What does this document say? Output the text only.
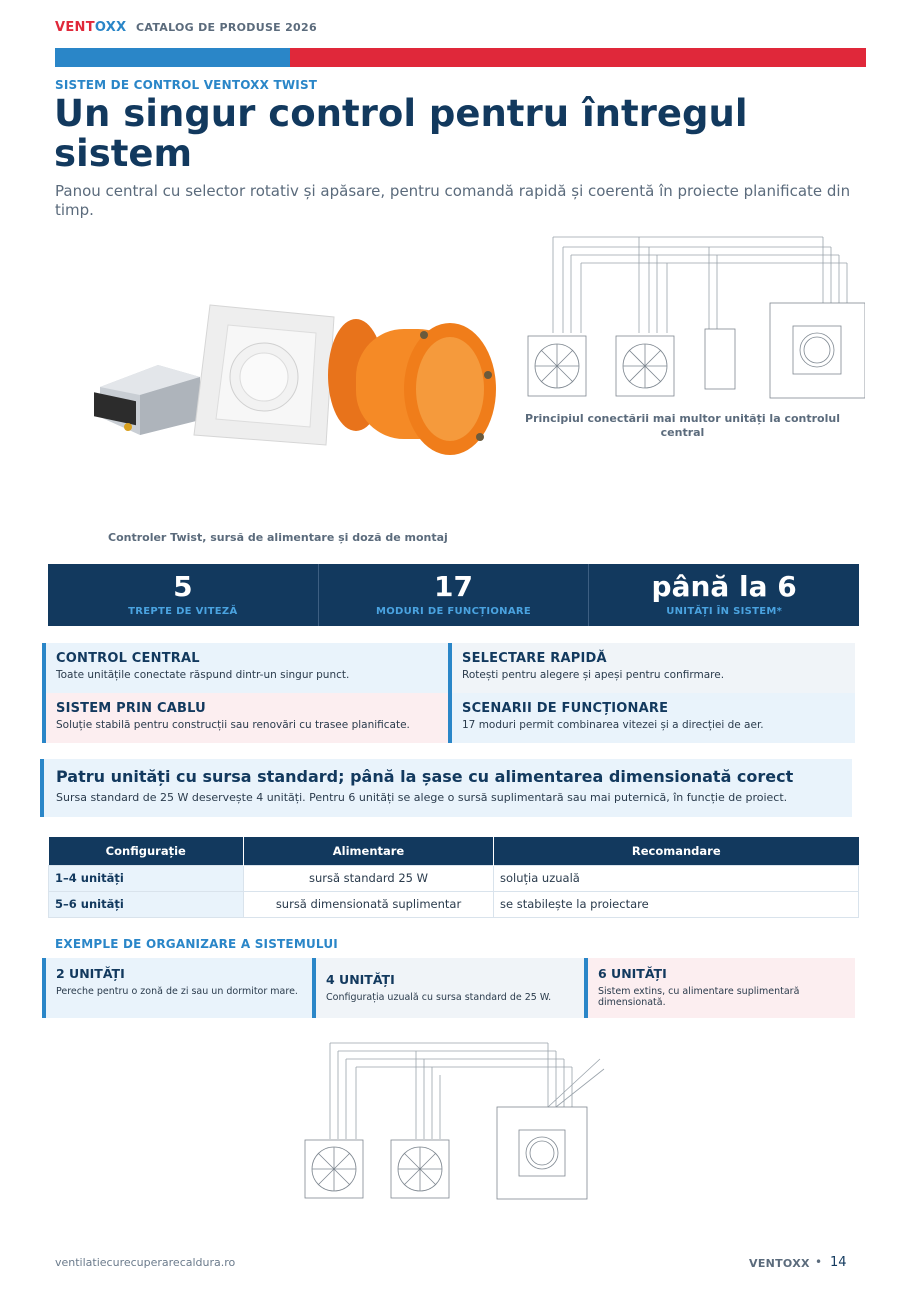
VENTOXX CATALOG DE PRODUSE 2026
SISTEM DE CONTROL VENTOXX TWIST
Un singur control pentru întregul sistem

Panou central cu selector rotativ și apăsare, pentru comandă rapidă și coerentă în proiecte planificate din timp.

Controler Twist, sursă de alimentare și doză de montaj
Principiul conectării mai multor unități la controlul central
5
TREPTE DE VITEZĂ
17
MODURI DE FUNCȚIONARE
până la 6
UNITĂȚI ÎN SISTEM*
CONTROL CENTRAL
Toate unitățile conectate răspund dintr-un singur punct.
SELECTARE RAPIDĂ
Rotești pentru alegere și apeși pentru confirmare.
SISTEM PRIN CABLU
Soluție stabilă pentru construcții sau renovări cu trasee planificate.
SCENARII DE FUNCȚIONARE
17 moduri permit combinarea vitezei și a direcției de aer.
Patru unități cu sursa standard; până la șase cu alimentarea dimensionată corect
Sursa standard de 25 W deservește 4 unități. Pentru 6 unități se alege o sursă suplimentară sau mai puternică, în funcție de proiect.
Configurație	Alimentare	Recomandare
1–4 unități	sursă standard 25 W	soluția uzuală
5–6 unități	sursă dimensionată suplimentar	se stabilește la proiectare
EXEMPLE DE ORGANIZARE A SISTEMULUI
2 UNITĂȚI
Pereche pentru o zonă de zi sau un dormitor mare.
4 UNITĂȚI
Configurația uzuală cu sursa standard de 25 W.
6 UNITĂȚI
Sistem extins, cu alimentare suplimentară dimensionată.
ventilatiecurecuperarecaldura.ro	VENTOXX • 14
